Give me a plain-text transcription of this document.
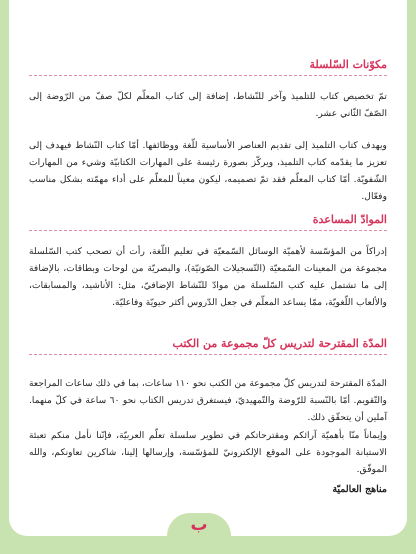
مكوّنات السّلسلة

تمّ تخصيص كتاب للتلميذ وآخر للنّشاط، إضافة إلى كتاب المعلّم لكلّ صفّ من الرّوضة إلى الصّفّ الثّاني عشر.

ويهدف كتاب التلميذ إلى تقديم العناصر الأساسية للّغة ووظائفها. أمّا كتاب النّشاط فيهدف إلى تعزيز ما يقدّمه كتاب التلميذ، ويركّز بصورة رئيسة على المهارات الكتابيّة وشيء من المهارات الشّفويّة. أمّا كتاب المعلّم فقد تمّ تصميمه، ليكون معيناً للمعلّم على أداء مهمّته بشكل مناسب وفعّال.

الموادّ المساعدة

إدراكاً من المؤسّسة لأهميّة الوسائل السّمعيّة في تعليم اللّغة، رأت أن تصحب كتب السّلسلة مجموعة من المعينات السّمعيّة (التّسجيلات الصّوتيّة)، والبصريّة من لوحات وبطاقات، بالإضافة إلى ما تشتمل عليه كتب السّلسلة من موادّ للنّشاط الإضافيّ، مثل: الأناشيد، والمسابقات، والألعاب اللّغويّة، ممّا يساعد المعلّم في جعل الدّروس أكثر حيويّة وفاعليّة.

المدّة المقترحة لتدريس كلّ مجموعة من الكتب

المدّة المقترحة لتدريس كلّ مجموعة من الكتب نحو ١١٠ ساعات، بما في ذلك ساعات المراجعة والتّقويم. أمّا بالنّسبة للرّوضة والتّمهيديّ، فيستغرق تدريس الكتاب نحو ٦٠ ساعة في كلّ منهما. آملين أن يتحقّق ذلك.

وإيماناً منّا بأهميّة آرائكم ومقترحاتكم في تطوير سلسلة تعلّم العربيّة، فإنّنا نأمل منكم تعبئة الاستبانة الموجودة على الموقع الإلكترونيّ للمؤسّسة، وإرسالها إلينا، شاكرين تعاونكم، والله الموفّق.

مناهج العالميّة
ب
